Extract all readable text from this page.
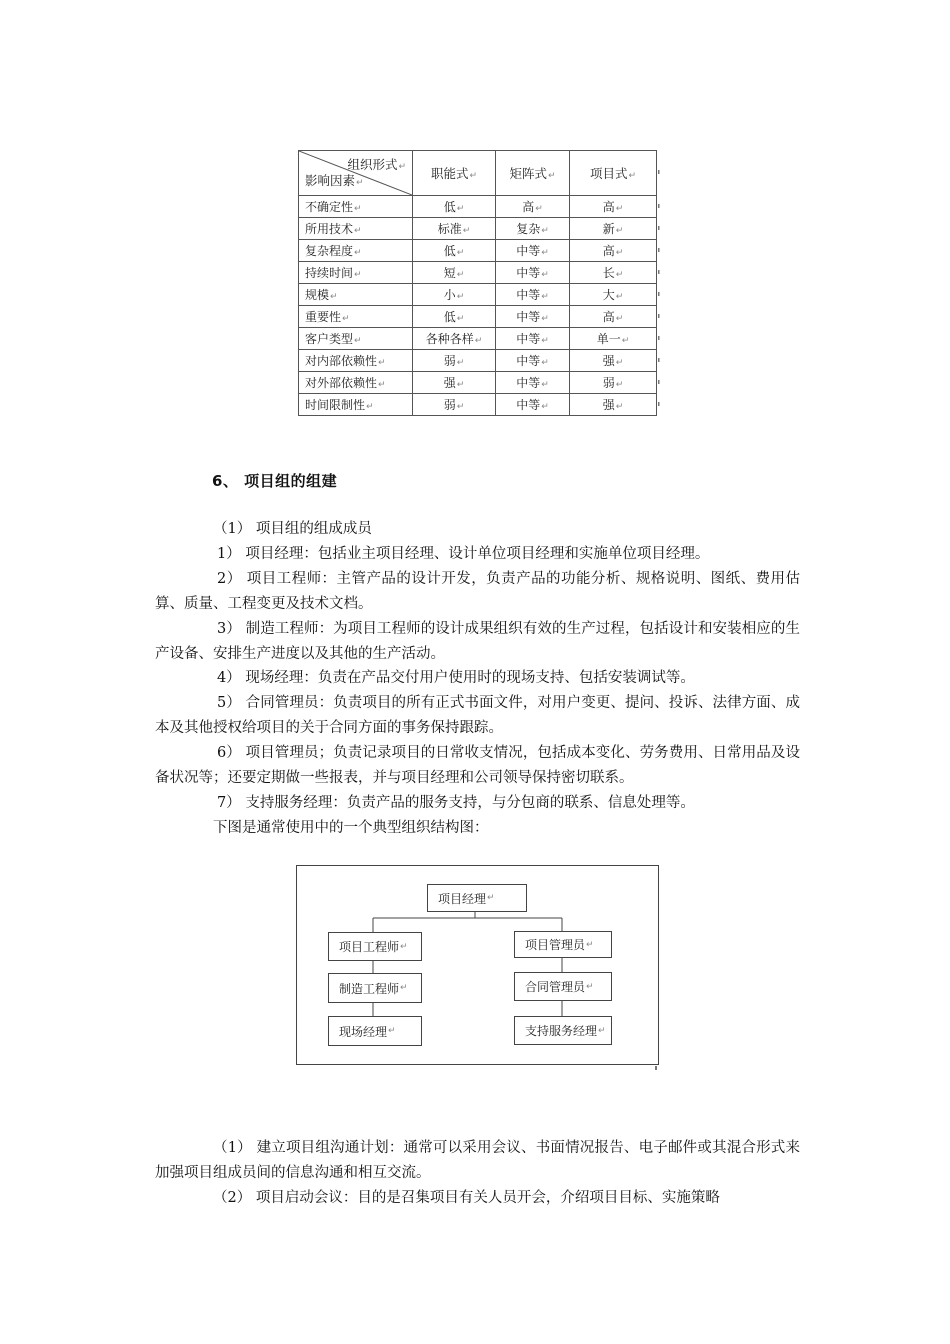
组织形式↵
影响因素↵	职能式↵	矩阵式↵	项目式↵
不确定性↵	低↵	高↵	高↵
所用技术↵	标准↵	复杂↵	新↵
复杂程度↵	低↵	中等↵	高↵
持续时间↵	短↵	中等↵	长↵
规模↵	小↵	中等↵	大↵
重要性↵	低↵	中等↵	高↵
客户类型↵	各种各样↵	中等↵	单一↵
对内部依赖性↵	弱↵	中等↵	强↵
对外部依赖性↵	强↵	中等↵	弱↵
时间限制性↵	弱↵	中等↵	强↵
6、 项目组的组建

（1） 项目组的组成成员

1） 项目经理：包括业主项目经理、设计单位项目经理和实施单位项目经理。

2） 项目工程师：主管产品的设计开发，负责产品的功能分析、规格说明、图纸、费用估算、质量、工程变更及技术文档。

3） 制造工程师：为项目工程师的设计成果组织有效的生产过程，包括设计和安装相应的生产设备、安排生产进度以及其他的生产活动。

4） 现场经理：负责在产品交付用户使用时的现场支持、包括安装调试等。

5） 合同管理员：负责项目的所有正式书面文件，对用户变更、提问、投诉、法律方面、成本及其他授权给项目的关于合同方面的事务保持跟踪。

6） 项目管理员；负责记录项目的日常收支情况，包括成本变化、劳务费用、日常用品及设备状况等；还要定期做一些报表，并与项目经理和公司领导保持密切联系。

7） 支持服务经理：负责产品的服务支持，与分包商的联系、信息处理等。

下图是通常使用中的一个典型组织结构图：

项目经理 ↵
项目工程师 ↵
制造工程师 ↵
现场经理 ↵
项目管理员 ↵
合同管理员 ↵
支持服务经理 ↵

（1） 建立项目组沟通计划：通常可以采用会议、书面情况报告、电子邮件或其混合形式来加强项目组成员间的信息沟通和相互交流。

（2） 项目启动会议：目的是召集项目有关人员开会，介绍项目目标、实施策略
